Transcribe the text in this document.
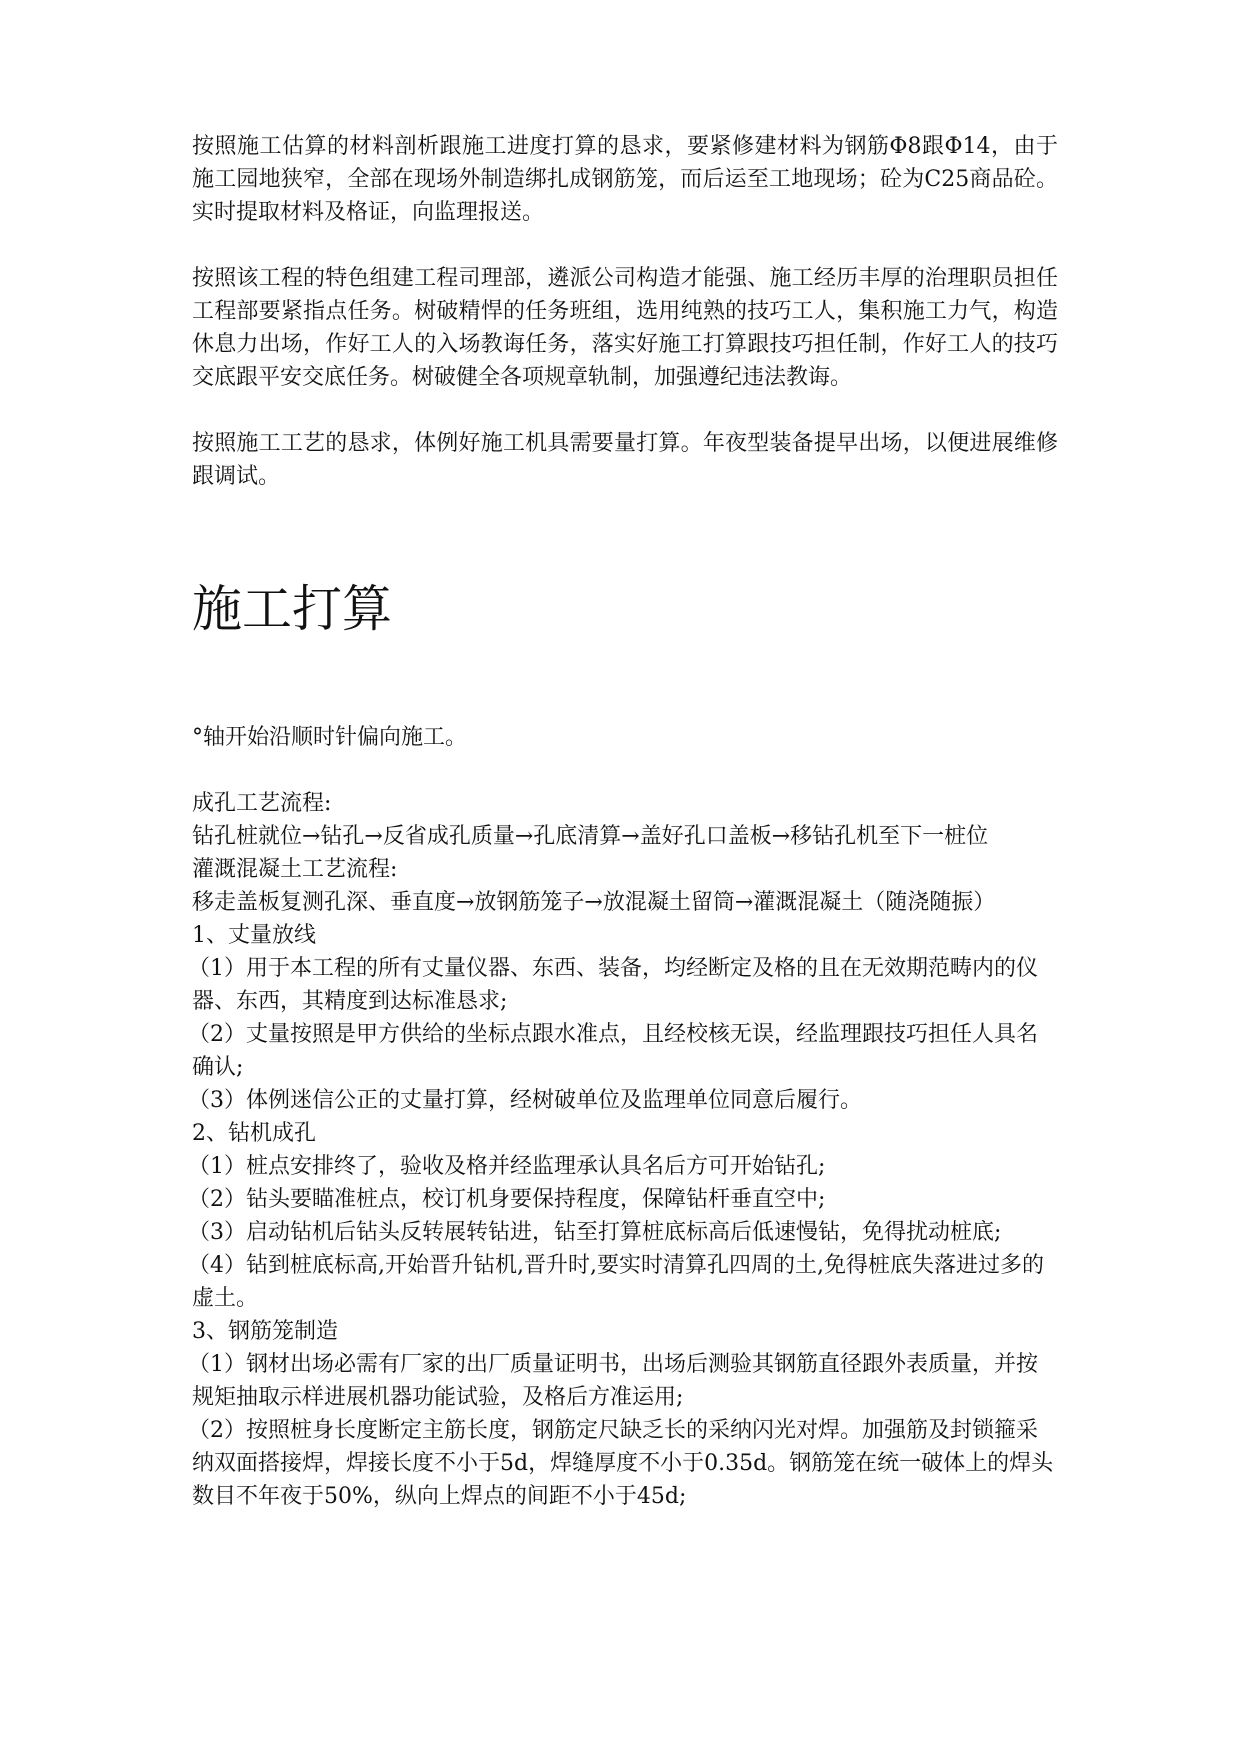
按照施工估算的材料剖析跟施工进度打算的恳求，要紧修建材料为钢筋Φ8跟Φ14，由于施工园地狭窄，全部在现场外制造绑扎成钢筋笼，而后运至工地现场；砼为C25商品砼。实时提取材料及格证，向监理报送。

按照该工程的特色组建工程司理部，遴派公司构造才能强、施工经历丰厚的治理职员担任工程部要紧指点任务。树破精悍的任务班组，选用纯熟的技巧工人，集积施工力气，构造休息力出场，作好工人的入场教诲任务，落实好施工打算跟技巧担任制，作好工人的技巧交底跟平安交底任务。树破健全各项规章轨制，加强遵纪违法教诲。

按照施工工艺的恳求，体例好施工机具需要量打算。年夜型装备提早出场，以便进展维修跟调试。

施工打算

°轴开始沿顺时针偏向施工。

成孔工艺流程:

钻孔桩就位→钻孔→反省成孔质量→孔底清算→盖好孔口盖板→移钻孔机至下一桩位

灌溉混凝土工艺流程:

移走盖板复测孔深、垂直度→放钢筋笼子→放混凝土留筒→灌溉混凝土（随浇随振）

1、丈量放线

（1）用于本工程的所有丈量仪器、东西、装备，均经断定及格的且在无效期范畴内的仪器、东西，其精度到达标准恳求;

（2）丈量按照是甲方供给的坐标点跟水准点，且经校核无误，经监理跟技巧担任人具名确认;

（3）体例迷信公正的丈量打算，经树破单位及监理单位同意后履行。

2、钻机成孔

（1）桩点安排终了，验收及格并经监理承认具名后方可开始钻孔;

（2）钻头要瞄准桩点，校订机身要保持程度，保障钻杆垂直空中;

（3）启动钻机后钻头反转展转钻进，钻至打算桩底标高后低速慢钻，免得扰动桩底;

（4）钻到桩底标高,开始晋升钻机,晋升时,要实时清算孔四周的土,免得桩底失落进过多的虚土。

3、钢筋笼制造

（1）钢材出场必需有厂家的出厂质量证明书，出场后测验其钢筋直径跟外表质量，并按规矩抽取示样进展机器功能试验，及格后方准运用;

（2）按照桩身长度断定主筋长度，钢筋定尺缺乏长的采纳闪光对焊。加强筋及封锁箍采纳双面搭接焊，焊接长度不小于5d，焊缝厚度不小于0.35d。钢筋笼在统一破体上的焊头数目不年夜于50%，纵向上焊点的间距不小于45d;
